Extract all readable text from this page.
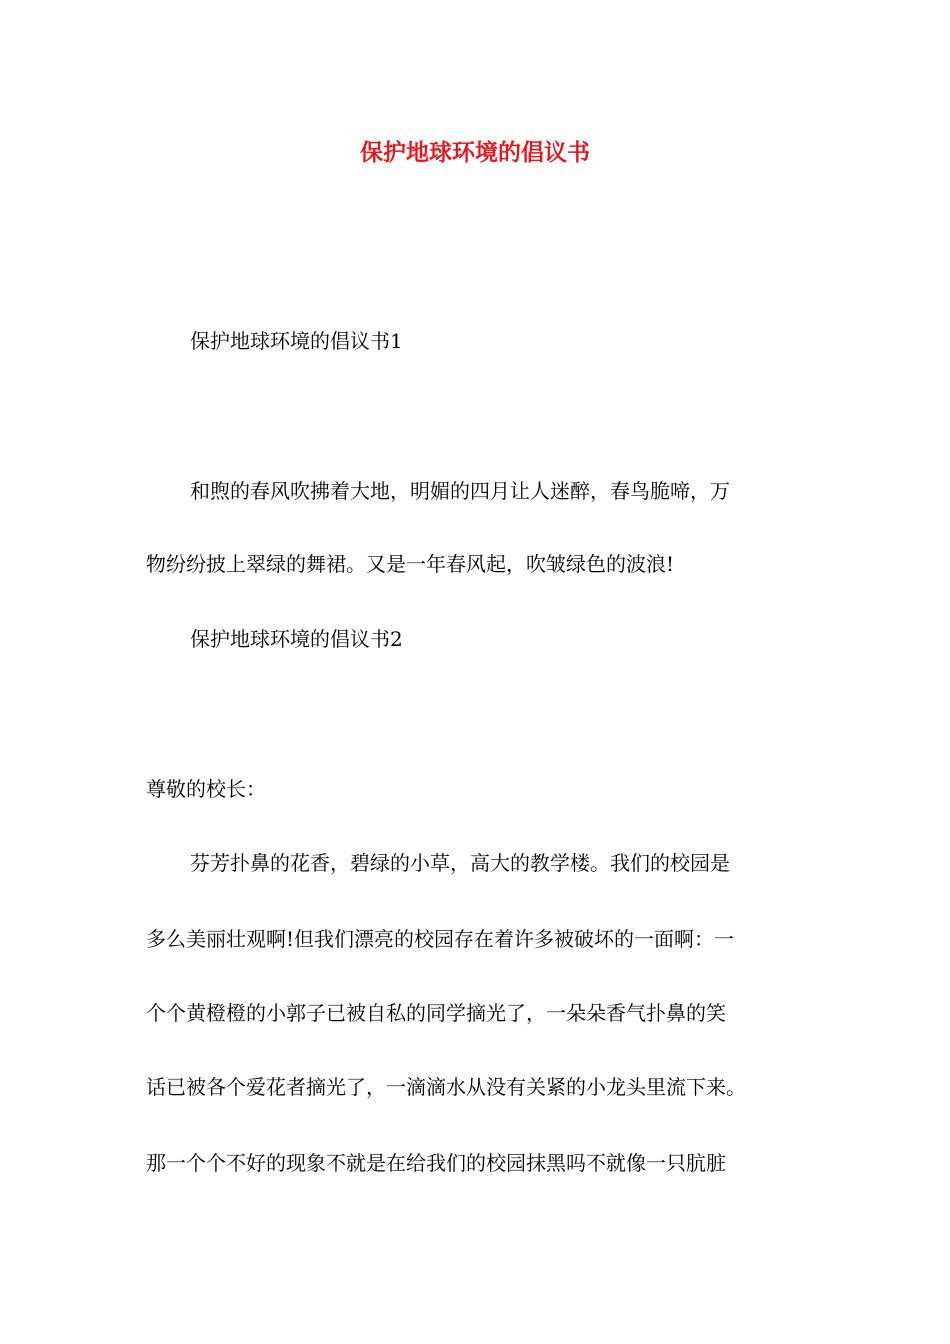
保护地球环境的倡议书
保护地球环境的倡议书1
和煦的春风吹拂着大地，明媚的四月让人迷醉，春鸟脆啼，万
物纷纷披上翠绿的舞裙。又是一年春风起，吹皱绿色的波浪!
保护地球环境的倡议书2
尊敬的校长：
芬芳扑鼻的花香，碧绿的小草，高大的教学楼。我们的校园是
多么美丽壮观啊!但我们漂亮的校园存在着许多被破坏的一面啊：一
个个黄橙橙的小郭子已被自私的同学摘光了，一朵朵香气扑鼻的笑
话已被各个爱花者摘光了，一滴滴水从没有关紧的小龙头里流下来。
那一个个不好的现象不就是在给我们的校园抹黑吗不就像一只肮脏
